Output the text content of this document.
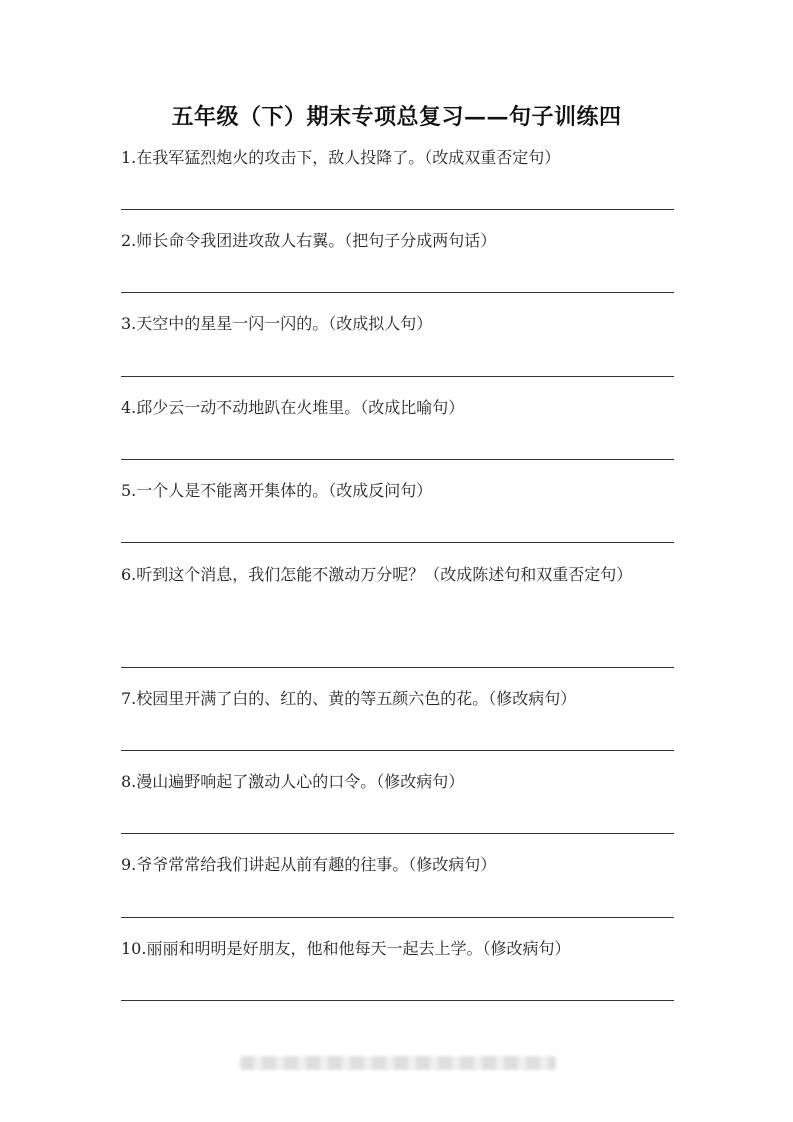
五年级（下）期末专项总复习——句子训练四
1.在我军猛烈炮火的攻击下，敌人投降了。（改成双重否定句）
2.师长命令我团进攻敌人右翼。（把句子分成两句话）
3.天空中的星星一闪一闪的。（改成拟人句）
4.邱少云一动不动地趴在火堆里。（改成比喻句）
5.一个人是不能离开集体的。（改成反问句）
6.听到这个消息，我们怎能不激动万分呢？（改成陈述句和双重否定句）
7.校园里开满了白的、红的、黄的等五颜六色的花。（修改病句）
8.漫山遍野响起了激动人心的口令。（修改病句）
9.爷爷常常给我们讲起从前有趣的往事。（修改病句）
10.丽丽和明明是好朋友，他和他每天一起去上学。（修改病句）
